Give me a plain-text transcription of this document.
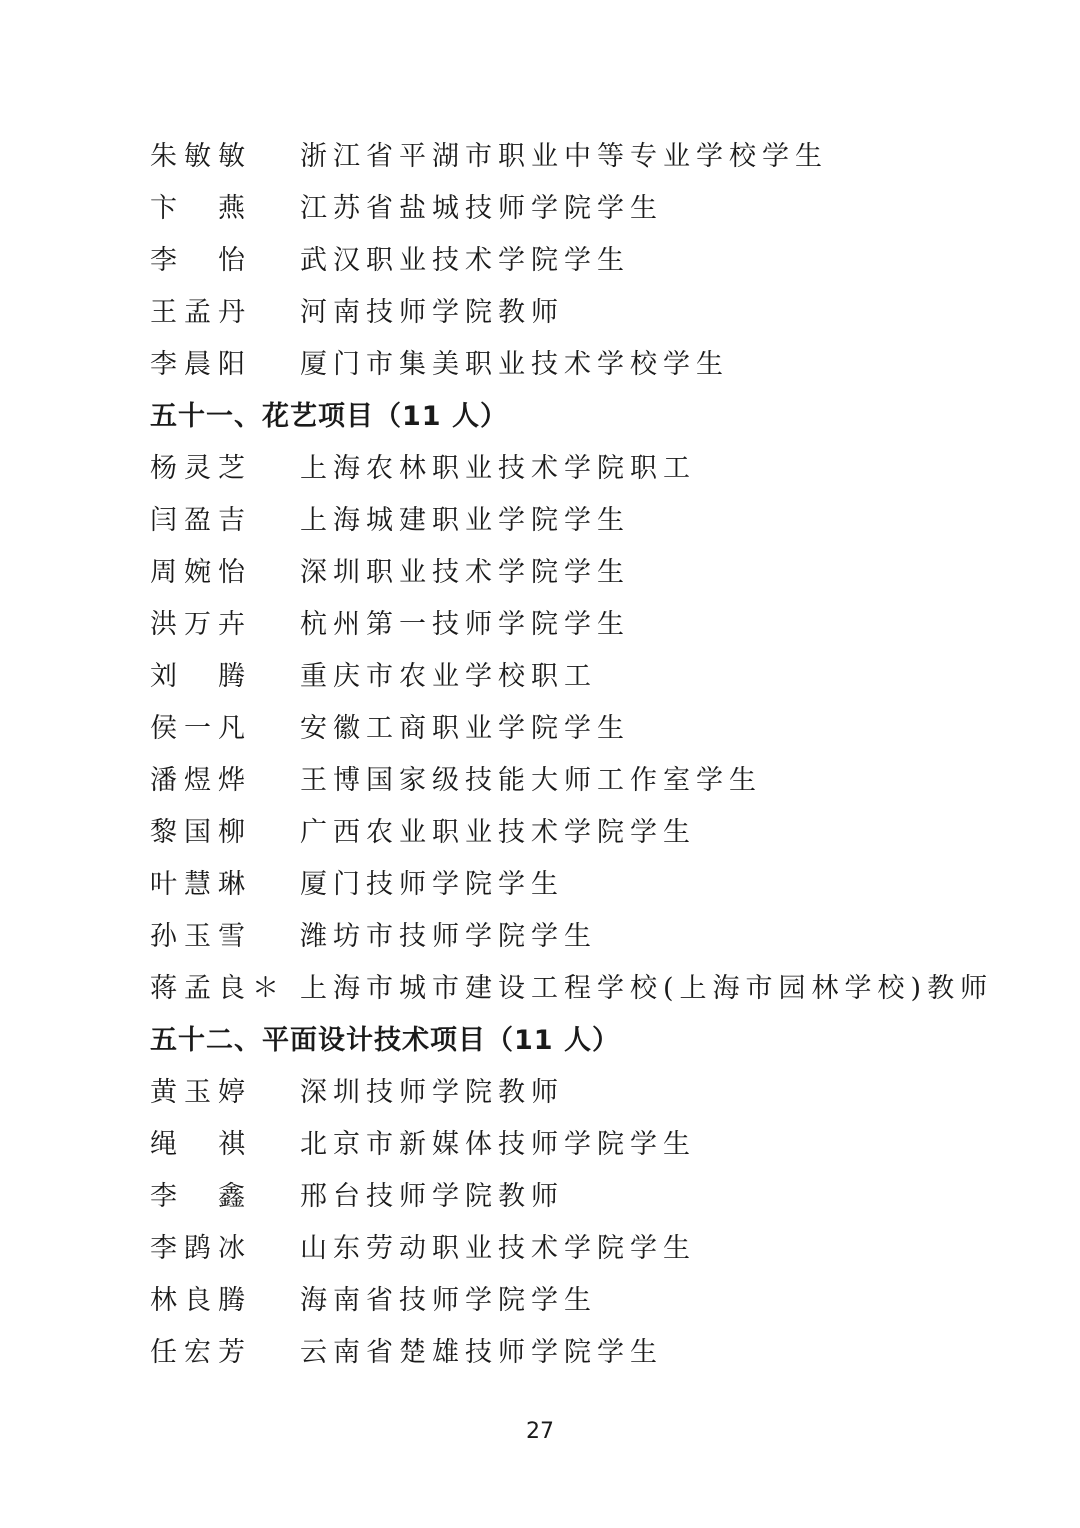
朱敏敏	浙江省平湖市职业中等专业学校学生
卞　燕	江苏省盐城技师学院学生
李　怡	武汉职业技术学院学生
王孟丹	河南技师学院教师
李晨阳	厦门市集美职业技术学校学生
五十一、花艺项目（11 人）
杨灵芝	上海农林职业技术学院职工
闫盈吉	上海城建职业学院学生
周婉怡	深圳职业技术学院学生
洪万卉	杭州第一技师学院学生
刘　腾	重庆市农业学校职工
侯一凡	安徽工商职业学院学生
潘煜烨	王博国家级技能大师工作室学生
黎国柳	广西农业职业技术学院学生
叶慧琳	厦门技师学院学生
孙玉雪	潍坊市技师学院学生
蒋孟良＊ 上海市城市建设工程学校(上海市园林学校)教师
五十二、平面设计技术项目（11 人）
黄玉婷	深圳技师学院教师
绳　祺	北京市新媒体技师学院学生
李　鑫	邢台技师学院教师
李鹍冰	山东劳动职业技术学院学生
林良腾	海南省技师学院学生
任宏芳	云南省楚雄技师学院学生
27
